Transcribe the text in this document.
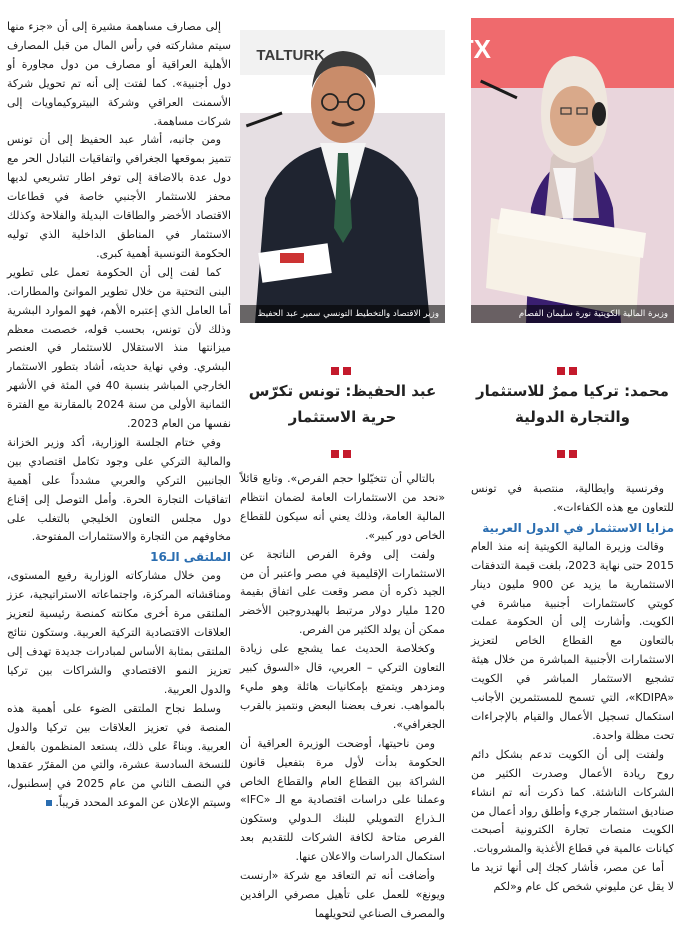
TX
وزيرة المالية الكويتية نورة سليمان الفصام
TALTURK
وزير الاقتصاد والتخطيط التونسي سمير عبد الحفيظ
محمد: تركيا ممرٌ للاستثمار
والتجارة الدولية
عبد الحفيظ: تونس تكرّس
حرية الاستثمار

إلى مصارف مساهمة مشيرة إلى أن «جزء منها سيتم مشاركته في رأس المال من قبل المصارف الأهلية العراقية أو مصارف من دول مجاورة أو دول أجنبية». كما لفتت إلى أنه تم تحويل شركة الأسمنت العراقي وشركة البيتروكيماويات إلى شركات مساهمة.

ومن جانبه، أشار عبد الحفيظ إلى أن تونس تتميز بموقعها الجغرافي واتفاقيات التبادل الحر مع دول عدة بالاضافة إلى توفر اطار تشريعي لديها محفز للاستثمار الأجنبي خاصة في قطاعات الاقتصاد الأخضر والطاقات البديلة والفلاحة وكذلك الاستثمار في المناطق الداخلية الذي توليه الحكومة التونسية أهمية كبرى.

كما لفت إلى أن الحكومة تعمل على تطوير البنى التحتية من خلال تطوير الموانئ والمطارات. أما العامل الذي إعتبره الأهم، فهو الموارد البشرية وذلك لأن تونس، بحسب قوله، خصصت معظم ميزانتها منذ الاستقلال للاستثمار في العنصر البشري. وفي نهاية حديثه، أشاد بتطور الاستثمار الخارجي المباشر بنسبة 40 في المئة في الأشهر الثمانية الأولى من سنة 2024 بالمقارنة مع الفترة نفسها من العام 2023.

وفي ختام الجلسة الوزارية، أكد وزير الخزانة والمالية التركي على وجود تكامل اقتصادي بين الجانبين التركي والعربي مشدداً على أهمية اتفاقيات التجارة الحرة. وأمل التوصل إلى إقناع دول مجلس التعاون الخليجي بالتغلب على مخاوفهم من التجارة والاستثمارات المفتوحة.

الملتقى الـ16

ومن خلال مشاركاته الوزارية رفيع المستوى، ومناقشاته المركزة، واجتماعاته الاستراتيجية، عزز الملتقى مرة أخرى مكانته كمنصة رئيسية لتعزيز العلاقات الاقتصادية التركية العربية. وستكون نتائج الملتقى بمثابة الأساس لمبادرات جديدة تهدف إلى تعزيز النمو الاقتصادي والشراكات بين تركيا والدول العربية.

وسلط نجاح الملتقى الضوء على أهمية هذه المنصة في تعزيز العلاقات بين تركيا والدول العربية. وبناءً على ذلك، يستعد المنظمون بالفعل للنسخة السادسة عشرة، والتي من المقرّر عقدها في النصف الثاني من عام 2025 في إسطنبول، وسيتم الإعلان عن الموعد المحدد قريباً.

بالتالي أن تتخيّلوا حجم الفرص». وتابع قائلاً «نحد من الاستثمارات العامة لضمان انتظام المالية العامة، وذلك يعني أنه سيكون للقطاع الخاص دور كبير».

ولفت إلى وفرة الفرص الناتجة عن الاستثمارات الإقليمية في مصر واعتبر أن من الجيد ذكره أن مصر وقعت على اتفاق بقيمة 120 مليار دولار مرتبط بالهيدروجين الأخضر ممكن أن يولد الكثير من الفرص.

وكخلاصة الحديث عما يشجع على زيادة التعاون التركي – العربي، قال «السوق كبير ومزدهر ويتمتع بإمكانيات هائلة وهو مليء بالمواهب. نعرف بعضنا البعض ونتميز بالقرب الجغرافي».

ومن ناحيتها، أوضحت الوزيرة العراقية أن الحكومة بدأت لأول مرة بتفعيل قانون الشراكة بين القطاع العام والقطاع الخاص وعملنا على دراسات اقتصادية مع الـ «IFC» الـذراع التمويلي للبنك الـدولي وستكون الفرص متاحة لكافة الشركات للتقديم بعد استكمال الدراسات والاعلان عنها.

وأضافت أنه تم التعاقد مع شركة «ارنست ويونغ» للعمل على تأهيل مصرفي الرافدين والمصرف الصناعي لتحويلهما

وفرنسية وايطالية، منتصبة في تونس للتعاون مع هذه الكفاءات».

مزايا الاستثمار في الدول العربية

وقالت وزيرة المالية الكويتية إنه منذ العام 2015 حتى نهاية 2023، بلغت قيمة التدفقات الاستثمارية ما يزيد عن 900 مليون دينار كويتي كاستثمارات أجنبية مباشرة في الكويت. وأشارت إلى أن الحكومة عملت بالتعاون مع القطاع الخاص لتعزيز الاستثمارات الأجنبية المباشرة من خلال هيئة تشجيع الاستثمار المباشر في الكويت «KDIPA»، التي تسمح للمستثمرين الأجانب استكمال تسجيل الأعمال والقيام بالإجراءات تحت مظلة واحدة.

ولفتت إلى أن الكويت تدعم بشكل دائم روح ريادة الأعمال وصدرت الكثير من الشركات الناشئة. كما ذكرت أنه تم انشاء صناديق استثمار جريء وأطلق رواد أعمال من الكويت منصات تجارة الكترونية أصبحت كيانات عالمية في قطاع الأغذية والمشروبات.

أما عن مصر، فأشار كجك إلى أنها تزيد ما لا يقل عن مليوني شخص كل عام و«لكم
